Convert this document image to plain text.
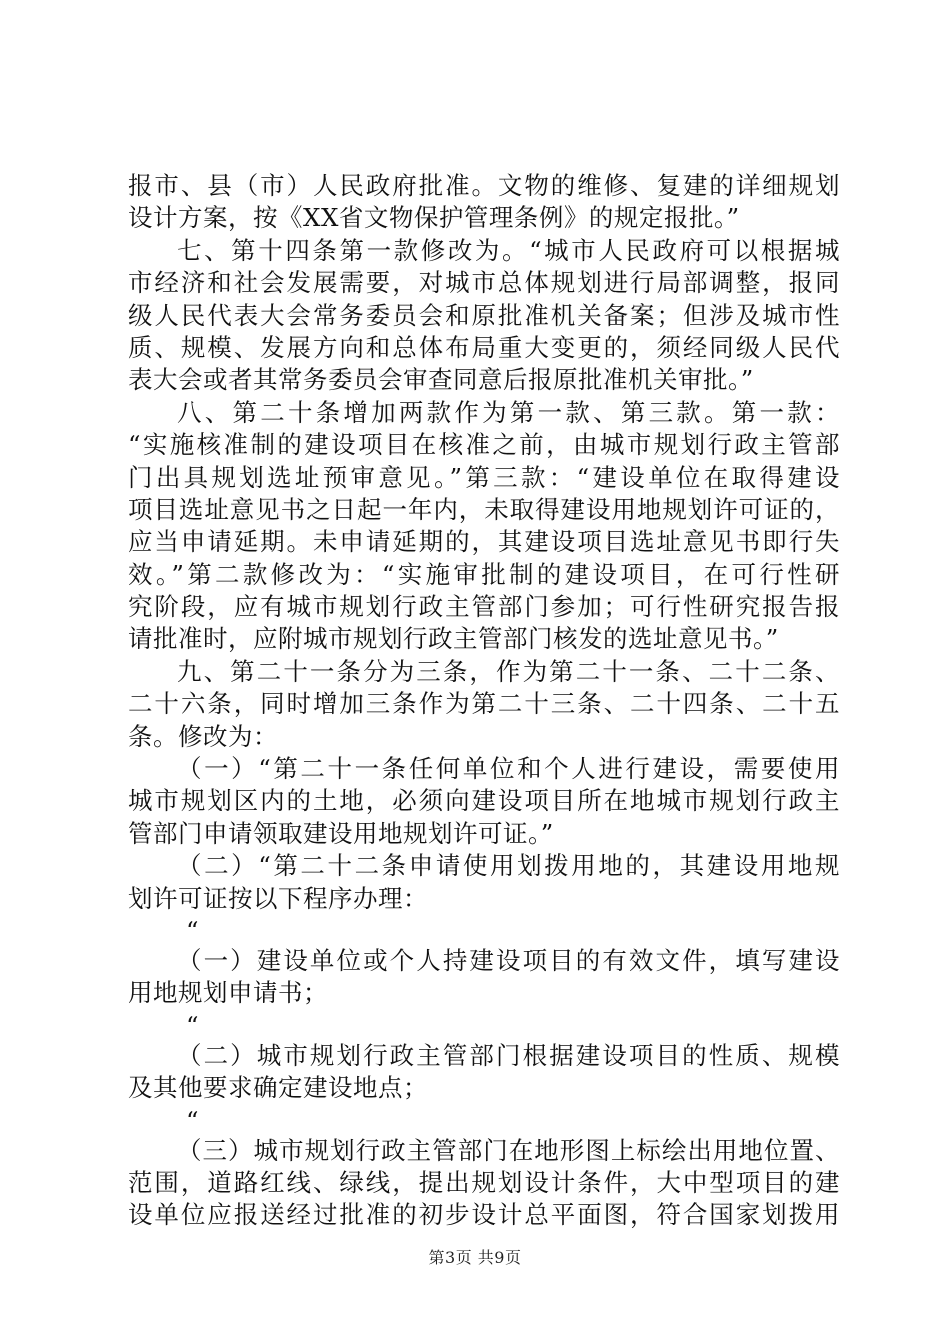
报市、县（市）人民政府批准。文物的维修、复建的详细规划
设计方案，按《XX省文物保护管理条例》的规定报批。”
七、第十四条第一款修改为。“城市人民政府可以根据城
市经济和社会发展需要，对城市总体规划进行局部调整，报同
级人民代表大会常务委员会和原批准机关备案；但涉及城市性
质、规模、发展方向和总体布局重大变更的，须经同级人民代
表大会或者其常务委员会审查同意后报原批准机关审批。”
八、第二十条增加两款作为第一款、第三款。第一款：
“实施核准制的建设项目在核准之前，由城市规划行政主管部
门出具规划选址预审意见。”第三款：“建设单位在取得建设
项目选址意见书之日起一年内，未取得建设用地规划许可证的，
应当申请延期。未申请延期的，其建设项目选址意见书即行失
效。”第二款修改为：“实施审批制的建设项目，在可行性研
究阶段，应有城市规划行政主管部门参加；可行性研究报告报
请批准时，应附城市规划行政主管部门核发的选址意见书。”
九、第二十一条分为三条，作为第二十一条、二十二条、
二十六条，同时增加三条作为第二十三条、二十四条、二十五
条。修改为：
（一）“第二十一条任何单位和个人进行建设，需要使用
城市规划区内的土地，必须向建设项目所在地城市规划行政主
管部门申请领取建设用地规划许可证。”
（二）“第二十二条申请使用划拨用地的，其建设用地规
划许可证按以下程序办理：
“
（一）建设单位或个人持建设项目的有效文件，填写建设
用地规划申请书；
“
（二）城市规划行政主管部门根据建设项目的性质、规模
及其他要求确定建设地点；
“
（三）城市规划行政主管部门在地形图上标绘出用地位置、
范围，道路红线、绿线，提出规划设计条件，大中型项目的建
设单位应报送经过批准的初步设计总平面图，符合国家划拨用
第3页 共9页
